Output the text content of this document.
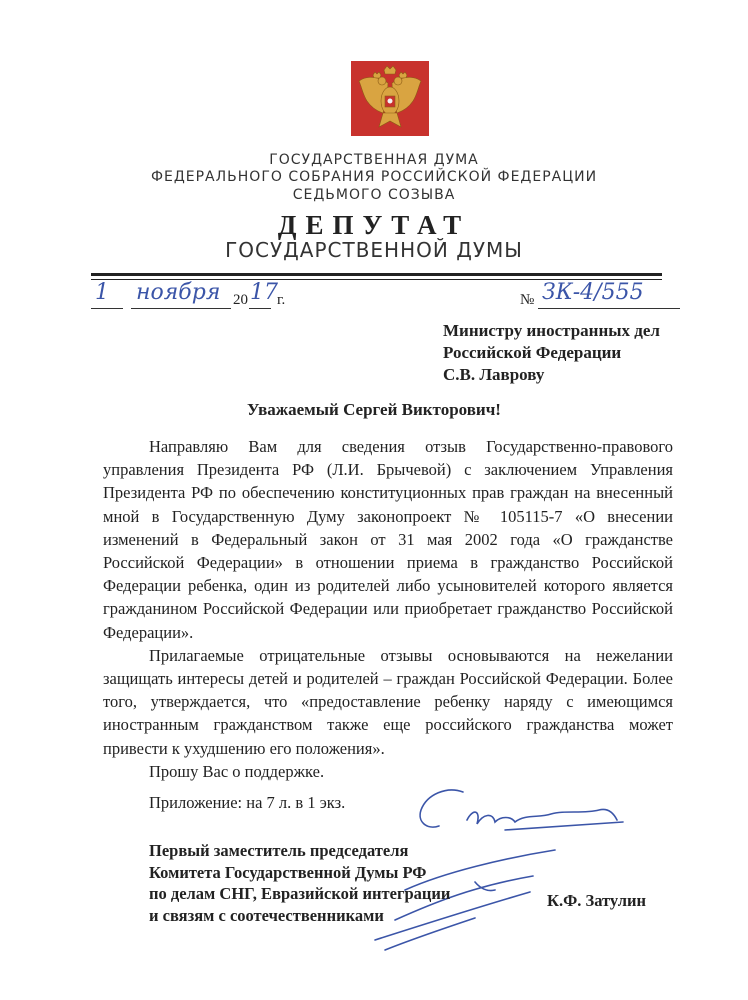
ГОСУДАРСТВЕННАЯ ДУМА
ФЕДЕРАЛЬНОГО СОБРАНИЯ РОССИЙСКОЙ ФЕДЕРАЦИИ
СЕДЬМОГО СОЗЫВА
ДЕПУТАТ
ГОСУДАРСТВЕННОЙ ДУМЫ
1 ноября 20 17 г.	№ ЗК-4/555
Министру иностранных дел
Российской Федерации
С.В. Лаврову
Уважаемый Сергей Викторович!

Направляю Вам для сведения отзыв Государственно-правового управления Президента РФ (Л.И. Брычевой) с заключением Управления Президента РФ по обеспечению конституционных прав граждан на внесенный мной в Государственную Думу законопроект № 105115-7 «О внесении изменений в Федеральный закон от 31 мая 2002 года «О гражданстве Российской Федерации» в отношении приема в гражданство Российской Федерации ребенка, один из родителей либо усыновителей которого является гражданином Российской Федерации или приобретает гражданство Российской Федерации».

Прилагаемые отрицательные отзывы основываются на нежелании защищать интересы детей и родителей – граждан Российской Федерации. Более того, утверждается, что «предоставление ребенку наряду с имеющимся иностранным гражданством также еще российского гражданства может привести к ухудшению его положения».

Прошу Вас о поддержке.

Приложение: на 7 л. в 1 экз.
Первый заместитель председателя
Комитета Государственной Думы РФ
по делам СНГ, Евразийской интеграции
и связям с соотечественниками
К.Ф. Затулин
